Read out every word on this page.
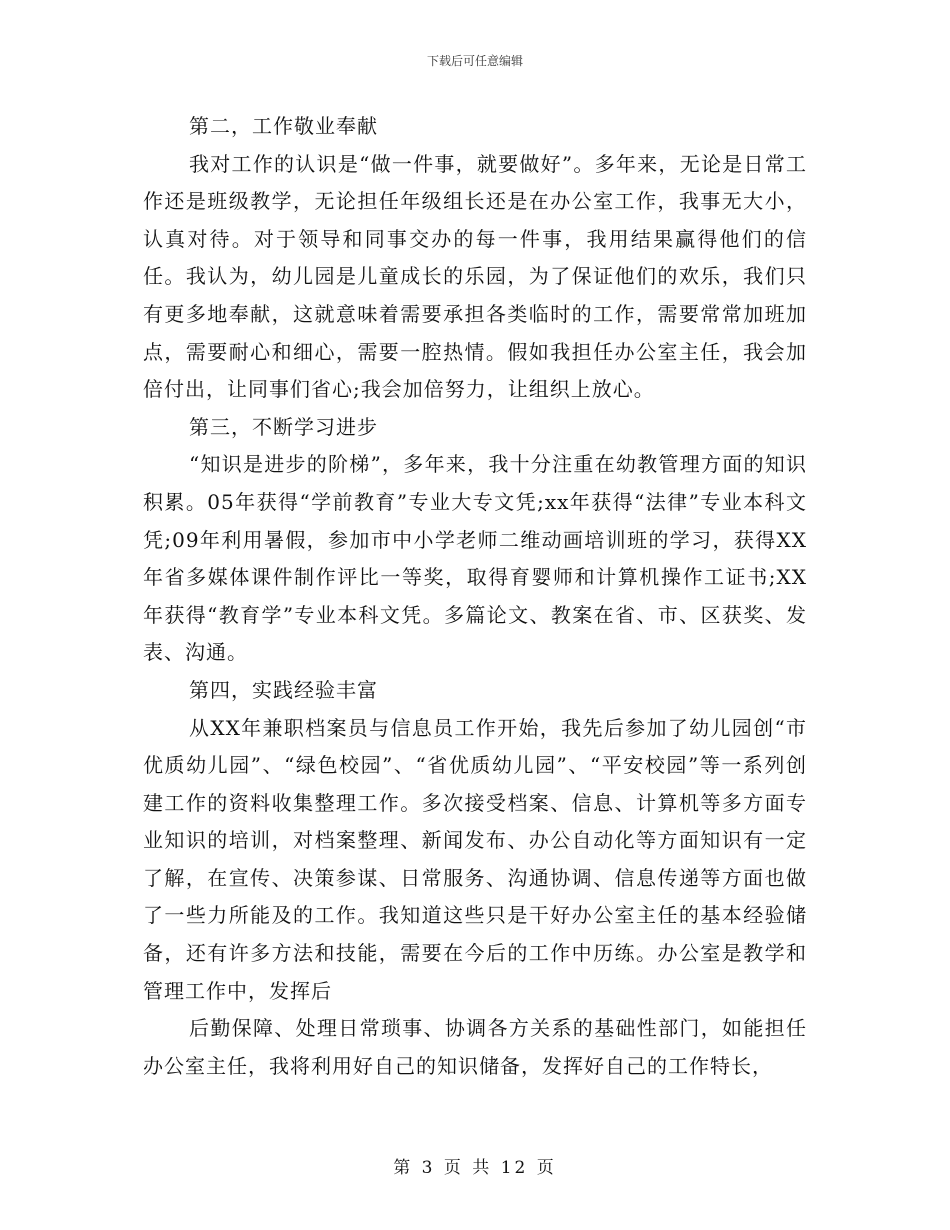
下载后可任意编辑

第二，工作敬业奉献

我对工作的认识是“做一件事，就要做好”。多年来，无论是日常工作还是班级教学，无论担任年级组长还是在办公室工作，我事无大小，认真对待。对于领导和同事交办的每一件事，我用结果赢得他们的信任。我认为，幼儿园是儿童成长的乐园，为了保证他们的欢乐，我们只有更多地奉献，这就意味着需要承担各类临时的工作，需要常常加班加点，需要耐心和细心，需要一腔热情。假如我担任办公室主任，我会加倍付出，让同事们省心;我会加倍努力，让组织上放心。

第三，不断学习进步

“知识是进步的阶梯”，多年来，我十分注重在幼教管理方面的知识积累。05年获得“学前教育”专业大专文凭;xx年获得“法律”专业本科文凭;09年利用暑假，参加市中小学老师二维动画培训班的学习，获得XX年省多媒体课件制作评比一等奖，取得育婴师和计算机操作工证书;XX年获得“教育学”专业本科文凭。多篇论文、教案在省、市、区获奖、发表、沟通。

第四，实践经验丰富

从XX年兼职档案员与信息员工作开始，我先后参加了幼儿园创“市优质幼儿园”、“绿色校园”、“省优质幼儿园”、“平安校园”等一系列创建工作的资料收集整理工作。多次接受档案、信息、计算机等多方面专业知识的培训，对档案整理、新闻发布、办公自动化等方面知识有一定了解，在宣传、决策参谋、日常服务、沟通协调、信息传递等方面也做了一些力所能及的工作。我知道这些只是干好办公室主任的基本经验储备，还有许多方法和技能，需要在今后的工作中历练。办公室是教学和管理工作中，发挥后

后勤保障、处理日常琐事、协调各方关系的基础性部门，如能担任办公室主任，我将利用好自己的知识储备，发挥好自己的工作特长，

第 3 页 共 12 页
